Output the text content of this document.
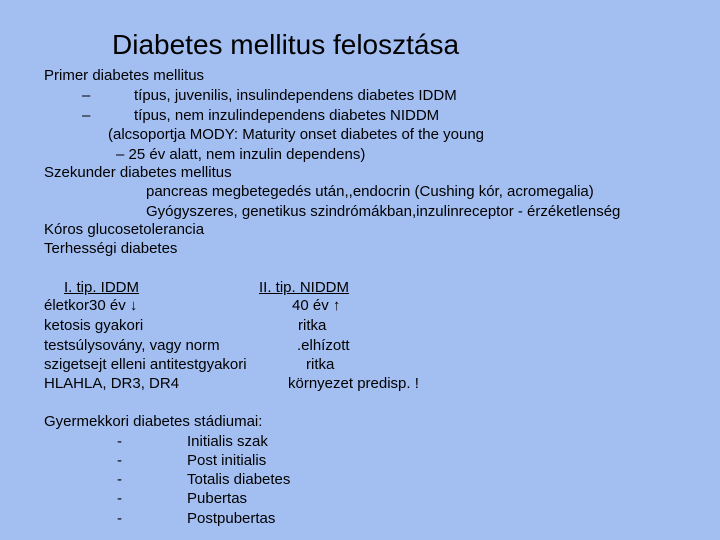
Diabetes mellitus felosztása
Primer diabetes mellitus
–	típus, juvenilis, insulindependens diabetes IDDM
–	típus, nem inzulindependens diabetes NIDDM
(alcsoportja MODY: Maturity onset diabetes of the young
– 25 év alatt, nem inzulin dependens)
Szekunder diabetes mellitus
pancreas megbetegedés után,,endocrin (Cushing kór, acromegalia)
Gyógyszeres, genetikus szindrómákban,inzulinreceptor - érzéketlenség
Kóros glucosetolerancia
Terhességi diabetes
I. tip. IDDM	II. tip. NIDDM
életkor30 év ↓	40 év ↑
ketosis gyakori	ritka
testsúlysovány, vagy norm	.elhízott
szigetsejt elleni antitestgyakori	ritka
HLAHLA, DR3, DR4	környezet predisp. !
Gyermekkori diabetes stádiumai:
-	Initialis szak
-	Post initialis
-	Totalis diabetes
-	Pubertas
-	Postpubertas
